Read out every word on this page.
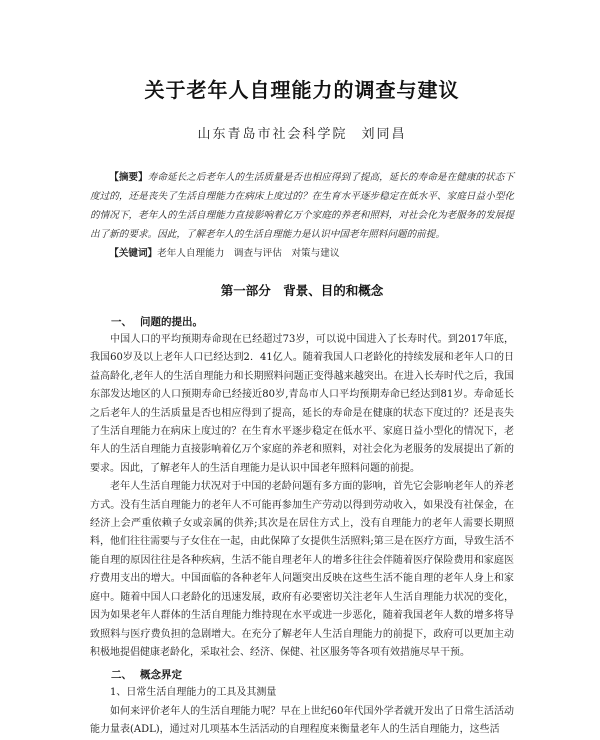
关于老年人自理能力的调查与建议
山东青岛市社会科学院 刘同昌
【摘要】寿命延长之后老年人的生活质量是否也相应得到了提高，延长的寿命是在健康的状态下度过的，还是丧失了生活自理能力在病床上度过的？在生育水平逐步稳定在低水平、家庭日益小型化的情况下，老年人的生活自理能力直接影响着亿万个家庭的养老和照料，对社会化为老服务的发展提出了新的要求。因此，了解老年人的生活自理能力是认识中国老年照料问题的前提。
【关键词】老年人自理能力　调查与评估　对策与建议
第一部分　背景、目的和概念
一、 问题的提出。

中国人口的平均预期寿命现在已经超过73岁，可以说中国进入了长寿时代。到2017年底，我国60岁及以上老年人口已经达到2．41亿人。随着我国人口老龄化的持续发展和老年人口的日益高龄化,老年人的生活自理能力和长期照料问题正变得越来越突出。在进入长寿时代之后，我国东部发达地区的人口预期寿命已经接近80岁,青岛市人口平均预期寿命已经达到81岁。寿命延长之后老年人的生活质量是否也相应得到了提高，延长的寿命是在健康的状态下度过的？还是丧失了生活自理能力在病床上度过的？在生育水平逐步稳定在低水平、家庭日益小型化的情况下，老年人的生活自理能力直接影响着亿万个家庭的养老和照料，对社会化为老服务的发展提出了新的要求。因此，了解老年人的生活自理能力是认识中国老年照料问题的前提。

老年人生活自理能力状况对于中国的老龄问题有多方面的影响，首先它会影响老年人的养老方式。没有生活自理能力的老年人不可能再参加生产劳动以得到劳动收入，如果没有社保金，在经济上会严重依赖子女或亲属的供养;其次是在居住方式上，没有自理能力的老年人需要长期照料，他们往往需要与子女住在一起，由此保障了女提供生活照料;第三是在医疗方面，导致生活不能自理的原因往往是各种疾病，生活不能自理老年人的增多往往会伴随着医疗保险费用和家庭医疗费用支出的增大。中国面临的各种老年人问题突出反映在这些生活不能自理的老年人身上和家庭中。随着中国人口老龄化的迅速发展，政府有必要密切关注老年人生活自理能力状况的变化，因为如果老年人群体的生活自理能力维持现在水平或进一步恶化，随着我国老年人数的增多将导致照料与医疗费负担的急剧增大。在充分了解老年人生活自理能力的前提下，政府可以更加主动积极地提倡健康老龄化，采取社会、经济、保健、社区服务等各项有效措施尽早干预。

二、 概念界定

1、日常生活自理能力的工具及其测量

如何来评价老年人的生活自理能力呢？早在上世纪60年代国外学者就开发出了日常生活活动能力量表(ADL)，通过对几项基本生活活动的自理程度来衡量老年人的生活自理能力，这些活
